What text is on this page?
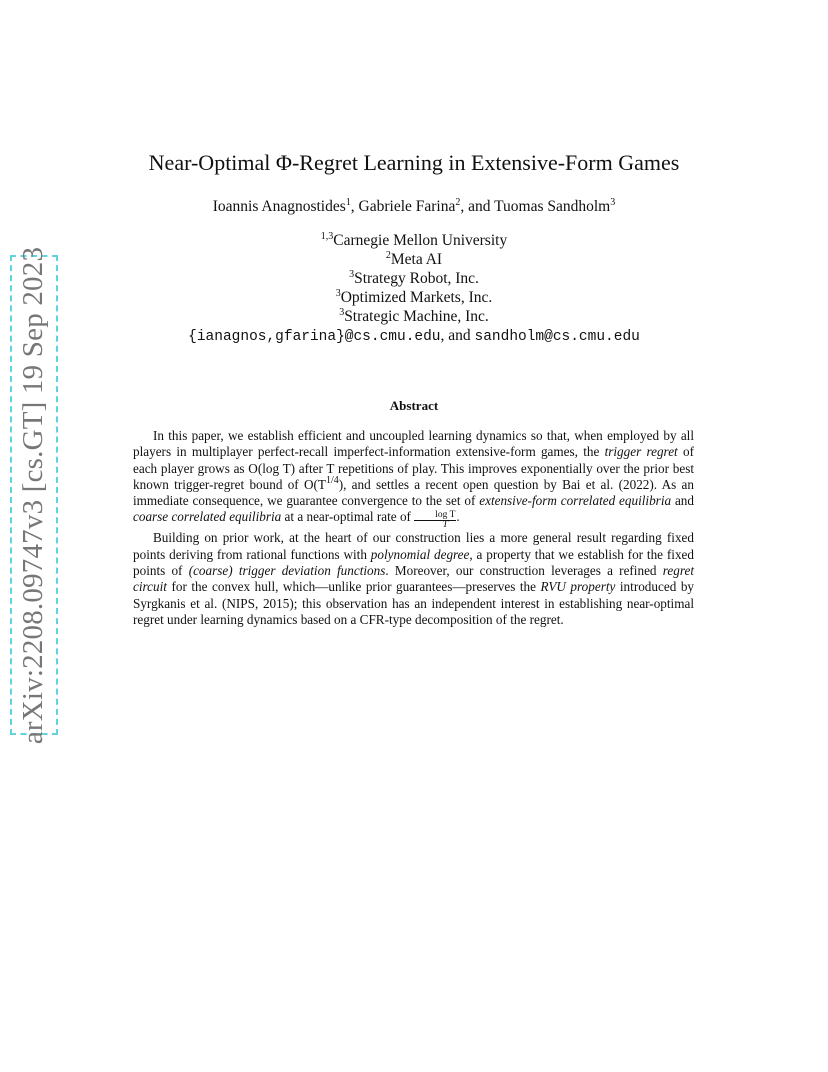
arXiv:2208.09747v3 [cs.GT] 19 Sep 2023
Near-Optimal Φ-Regret Learning in Extensive-Form Games
Ioannis Anagnostides$^1$, Gabriele Farina$^2$, and Tuomas Sandholm$^3$
$^{1,3}$Carnegie Mellon University
$^2$Meta AI
$^3$Strategy Robot, Inc.
$^3$Optimized Markets, Inc.
$^3$Strategic Machine, Inc.
{ianagnos,gfarina}@cs.cmu.edu, and sandholm@cs.cmu.edu
Abstract

In this paper, we establish efficient and uncoupled learning dynamics so that, when employed by all players in multiplayer perfect-recall imperfect-information extensive-form games, the trigger regret of each player grows as O(log T) after T repetitions of play. This improves exponentially over the prior best known trigger-regret bound of $O(T^{1/4})$, and settles a recent open question by Bai et al. (2022). As an immediate consequence, we guarantee convergence to the set of extensive-form correlated equilibria and coarse correlated equilibria at a near-optimal rate of $\frac{\text{log T}}{T}$ .

Building on prior work, at the heart of our construction lies a more general result regarding fixed points deriving from rational functions with polynomial degree, a property that we establish for the fixed points of (coarse) trigger deviation functions. Moreover, our construction leverages a refined regret circuit for the convex hull, which—unlike prior guarantees—preserves the RVU property introduced by Syrgkanis et al. (NIPS, 2015); this observation has an independent interest in establishing near-optimal regret under learning dynamics based on a CFR-type decomposition of the regret.
